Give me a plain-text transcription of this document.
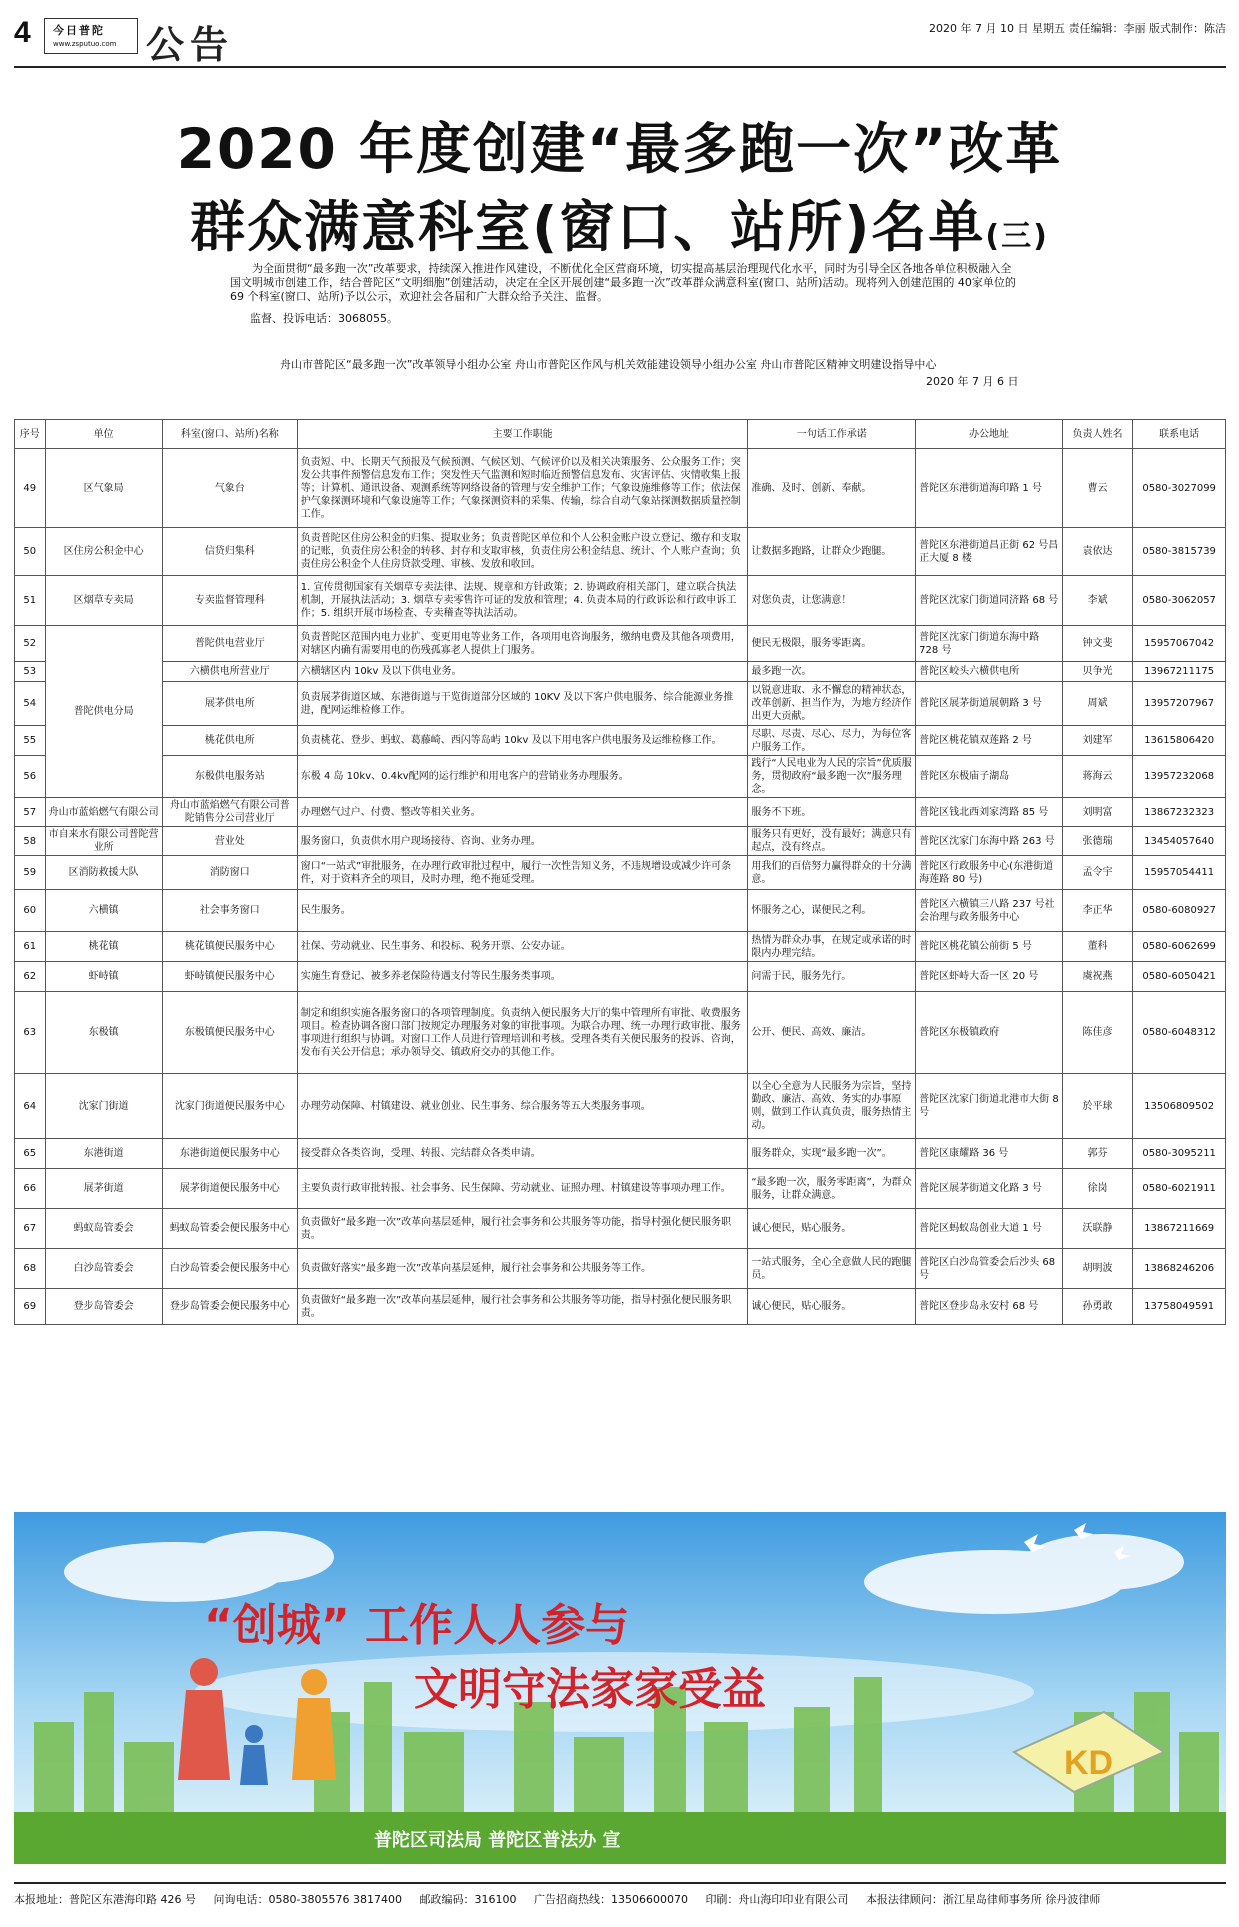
4 今日普陀
www.zsputuo.com 公告	2020 年 7 月 10 日 星期五 责任编辑：李丽 版式制作：陈洁
2020 年度创建“最多跑一次”改革
群众满意科室(窗口、站所)名单(三)

为全面贯彻“最多跑一次”改革要求，持续深入推进作风建设，不断优化全区营商环境，切实提高基层治理现代化水平，同时为引导全区各地各单位积极融入全国文明城市创建工作，结合普陀区“文明细胞”创建活动，决定在全区开展创建“最多跑一次”改革群众满意科室(窗口、站所)活动。现将列入创建范围的 40家单位的 69 个科室(窗口、站所)予以公示，欢迎社会各届和广大群众给予关注、监督。

监督、投诉电话：3068055。
舟山市普陀区“最多跑一次”改革领导小组办公室 舟山市普陀区作风与机关效能建设领导小组办公室 舟山市普陀区精神文明建设指导中心
2020 年 7 月 6 日
序号	单位	科室(窗口、站所)名称	主要工作职能	一句话工作承诺	办公地址	负责人姓名	联系电话
49	区气象局	气象台	负责短、中、长期天气预报及气候预测、气候区划、气候评价以及相关决策服务、公众服务工作；突发公共事件预警信息发布工作；突发性天气监测和短时临近预警信息发布、灾害评估、灾情收集上报等；计算机、通讯设备、观测系统等网络设备的管理与安全维护工作；气象设施维修等工作；依法保护气象探测环境和气象设施等工作；气象探测资料的采集、传输，综合自动气象站探测数据质量控制工作。	准确、及时、创新、奉献。	普陀区东港街道海印路 1 号	曹云	0580-3027099
50	区住房公积金中心	信贷归集科	负责普陀区住房公积金的归集、提取业务；负责普陀区单位和个人公积金账户设立登记、缴存和支取的记账，负责住房公积金的转移、封存和支取审核，负责住房公积金结息、统计、个人账户查询；负责住房公积金个人住房贷款受理、审核、发放和收回。	让数据多跑路，让群众少跑腿。	普陀区东港街道昌正街 62 号昌正大厦 8 楼	袁依达	0580-3815739
51	区烟草专卖局	专卖监督管理科	1. 宣传贯彻国家有关烟草专卖法律、法规、规章和方针政策；2. 协调政府相关部门，建立联合执法机制，开展执法活动；3. 烟草专卖零售许可证的发放和管理；4. 负责本局的行政诉讼和行政申诉工作；5. 组织开展市场检查、专卖稽查等执法活动。	对您负责，让您满意！	普陀区沈家门街道同济路 68 号	李斌	0580-3062057
52	普陀供电分局	普陀供电营业厅	负责普陀区范围内电力业扩、变更用电等业务工作，各项用电咨询服务，缴纳电费及其他各项费用，对辖区内确有需要用电的伤残孤寡老人提供上门服务。	便民无极限，服务零距离。	普陀区沈家门街道东海中路 728 号	钟文斐	15957067042
53		六横供电所营业厅	六横辖区内 10kv 及以下供电业务。	最多跑一次。	普陀区峧头六横供电所	贝争光	13967211175
54		展茅供电所	负责展茅街道区域、东港街道与干览街道部分区域的 10KV 及以下客户供电服务、综合能源业务推进，配网运维检修工作。	以锐意进取、永不懈怠的精神状态，改革创新、担当作为，为地方经济作出更大贡献。	普陀区展茅街道展朝路 3 号	周斌	13957207967
55		桃花供电所	负责桃花、登步、蚂蚁、葛藤崎、西闪等岛屿 10kv 及以下用电客户供电服务及运维检修工作。	尽职、尽责、尽心、尽力，为每位客户服务工作。	普陀区桃花镇双莲路 2 号	刘建军	13615806420
56		东极供电服务站	东极 4 岛 10kv、0.4kv配网的运行维护和用电客户的营销业务办理服务。	践行“人民电业为人民的宗旨”优质服务，贯彻政府“最多跑一次”服务理念。	普陀区东极庙子湖岛	蒋海云	13957232068
57	舟山市蓝焰燃气有限公司	舟山市蓝焰燃气有限公司普陀销售分公司营业厅	办理燃气过户、付费、整改等相关业务。	服务不下班。	普陀区钱北西刘家湾路 85 号	刘明富	13867232323
58	市自来水有限公司普陀营业所	营业处	服务窗口，负责供水用户现场接待、咨询、业务办理。	服务只有更好，没有最好；满意只有起点，没有终点。	普陀区沈家门东海中路 263 号	张德瑞	13454057640
59	区消防救援大队	消防窗口	窗口“一站式”审批服务，在办理行政审批过程中，履行一次性告知义务，不违规增设或减少许可条件，对于资料齐全的项目，及时办理，绝不拖延受理。	用我们的百倍努力赢得群众的十分满意。	普陀区行政服务中心(东港街道海莲路 80 号)	孟令宇	15957054411
60	六横镇	社会事务窗口	民生服务。	怀服务之心，谋便民之利。	普陀区六横镇三八路 237 号社会治理与政务服务中心	李正华	0580-6080927
61	桃花镇	桃花镇便民服务中心	社保、劳动就业、民生事务、和投标、税务开票、公安办证。	热情为群众办事，在规定或承诺的时限内办理完结。	普陀区桃花镇公前街 5 号	董科	0580-6062699
62	虾峙镇	虾峙镇便民服务中心	实施生育登记、被多养老保险待遇支付等民生服务类事项。	问需于民，服务先行。	普陀区虾峙大岙一区 20 号	虞祝燕	0580-6050421
63	东极镇	东极镇便民服务中心	制定和组织实施各服务窗口的各项管理制度。负责纳入便民服务大厅的集中管理所有审批、收费服务项目。检查协调各窗口部门按规定办理服务对象的审批事项。为联合办理、统一办理行政审批、服务事项进行组织与协调。对窗口工作人员进行管理培训和考核。受理各类有关便民服务的投诉、咨询，发布有关公开信息；承办领导交、镇政府交办的其他工作。	公开、便民、高效、廉洁。	普陀区东极镇政府	陈佳彦	0580-6048312
64	沈家门街道	沈家门街道便民服务中心	办理劳动保障、村镇建设、就业创业、民生事务、综合服务等五大类服务事项。	以全心全意为人民服务为宗旨，坚持勤政、廉洁、高效、务实的办事原则，做到工作认真负责，服务热情主动。	普陀区沈家门街道北港市大街 8 号	於平球	13506809502
65	东港街道	东港街道便民服务中心	接受群众各类咨询，受理、转报、完结群众各类申请。	服务群众，实现“最多跑一次”。	普陀区康耀路 36 号	郭芬	0580-3095211
66	展茅街道	展茅街道便民服务中心	主要负责行政审批转报、社会事务、民生保障、劳动就业、证照办理、村镇建设等事项办理工作。	“最多跑一次，服务零距离”，为群众服务，让群众满意。	普陀区展茅街道文化路 3 号	徐岗	0580-6021911
67	蚂蚁岛管委会	蚂蚁岛管委会便民服务中心	负责做好“最多跑一次”改革向基层延伸，履行社会事务和公共服务等功能，指导村强化便民服务职责。	诚心便民，贴心服务。	普陀区蚂蚁岛创业大道 1 号	沃联静	13867211669
68	白沙岛管委会	白沙岛管委会便民服务中心	负责做好落实“最多跑一次”改革向基层延伸，履行社会事务和公共服务等工作。	一站式服务，全心全意做人民的跑腿员。	普陀区白沙岛管委会后沙头 68 号	胡明波	13868246206
69	登步岛管委会	登步岛管委会便民服务中心	负责做好“最多跑一次”改革向基层延伸，履行社会事务和公共服务等功能，指导村强化便民服务职责。	诚心便民，贴心服务。	普陀区登步岛永安村 68 号	孙勇敢	13758049591
KD
“创城” 工作人人参与
文明守法家家受益
普陀区司法局 普陀区普法办 宣
本报地址：普陀区东港海印路 426 号 问询电话：0580-3805576 3817400 邮政编码：316100 广告招商热线：13506600070 印刷：舟山海印印业有限公司 本报法律顾问：浙江星岛律师事务所 徐丹波律师
